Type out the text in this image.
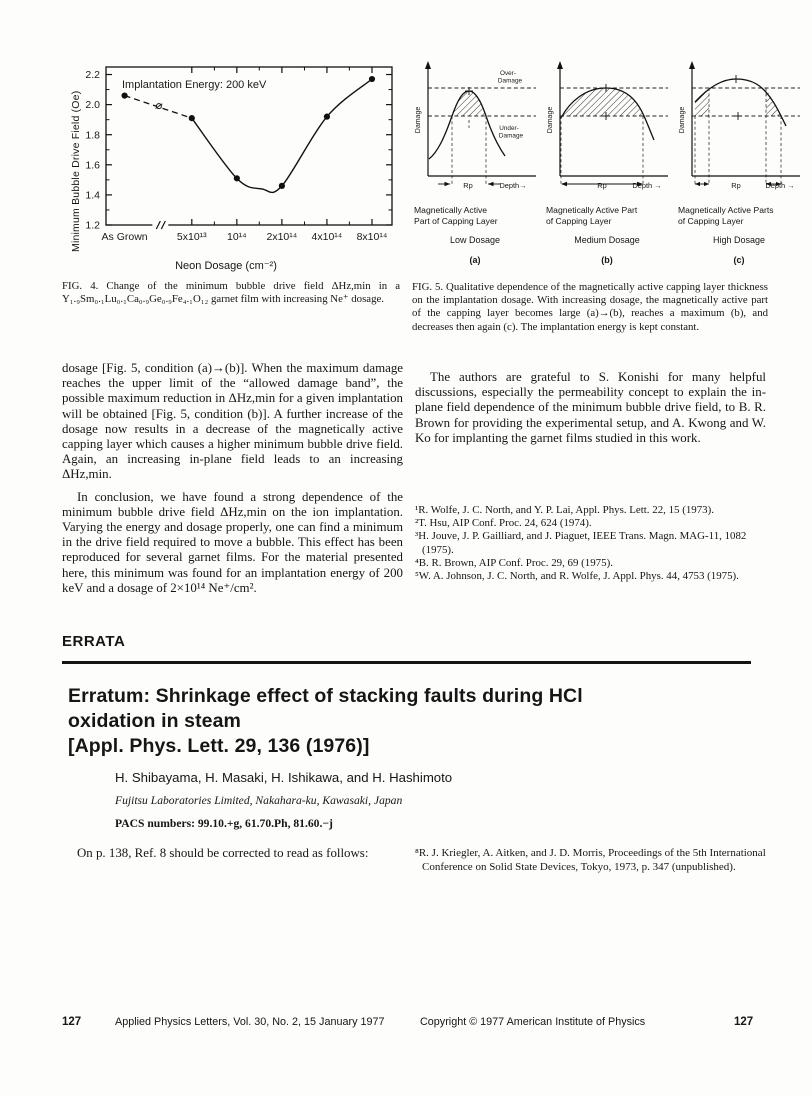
Minimum Bubble Drive Field (Oe) 1.2
1.4
1.6
1.8
2.0
2.2
As Grown	5x10¹³ 10¹⁴ 2x10¹⁴ 4x10¹⁴ 8x10¹⁴
Implantation Energy: 200 keV
Neon Dosage (cm⁻²)
FIG. 4. Change of the minimum bubble drive field ΔHz,min in a Y₁.₉Sm₀.₁Lu₀.₁Ca₀.₉Ge₀.₉Fe₄.₁O₁₂ garnet film with increasing Ne⁺ dosage.
Damage
Over-
Damage
Under-
Damage
Rp	Depth→
Magnetically Active
Part of Capping Layer
Low Dosage
(a)
Damage
Rp	Depth →
Magnetically Active Part
of Capping Layer
Medium Dosage
(b)
Damage
Rp	Depth →
Magnetically Active Parts
of Capping Layer
High Dosage
(c)
FIG. 5. Qualitative dependence of the magnetically active capping layer thickness on the implantation dosage. With increasing dosage, the magnetically active part of the capping layer becomes large (a)→(b), reaches a maximum (b), and decreases then again (c). The implantation energy is kept constant.

dosage [Fig. 5, condition (a)→(b)]. When the maximum damage reaches the upper limit of the “allowed damage band”, the possible maximum reduction in ΔHz,min for a given implantation will be obtained [Fig. 5, condition (b)]. A further increase of the dosage now results in a decrease of the magnetically active capping layer which causes a higher minimum bubble drive field. Again, an increasing in-plane field leads to an increasing ΔHz,min.

In conclusion, we have found a strong dependence of the minimum bubble drive field ΔHz,min on the ion implantation. Varying the energy and dosage properly, one can find a minimum in the drive field required to move a bubble. This effect has been reproduced for several garnet films. For the material presented here, this minimum was found for an implantation energy of 200 keV and a dosage of 2×10¹⁴ Ne⁺/cm².

The authors are grateful to S. Konishi for many helpful discussions, especially the permeability concept to explain the in-plane field dependence of the minimum bubble drive field, to B. R. Brown for providing the experimental setup, and A. Kwong and W. Ko for implanting the garnet films studied in this work.

¹R. Wolfe, J. C. North, and Y. P. Lai, Appl. Phys. Lett. 22, 15 (1973).
²T. Hsu, AIP Conf. Proc. 24, 624 (1974).
³H. Jouve, J. P. Gailliard, and J. Piaguet, IEEE Trans. Magn. MAG-11, 1082 (1975).
⁴B. R. Brown, AIP Conf. Proc. 29, 69 (1975).
⁵W. A. Johnson, J. C. North, and R. Wolfe, J. Appl. Phys. 44, 4753 (1975).
ERRATA
Erratum: Shrinkage effect of stacking faults during HCl
oxidation in steam
[Appl. Phys. Lett. 29, 136 (1976)]
H. Shibayama, H. Masaki, H. Ishikawa, and H. Hashimoto
Fujitsu Laboratories Limited, Nakahara-ku, Kawasaki, Japan
PACS numbers: 99.10.+g, 61.70.Ph, 81.60.−j
On p. 138, Ref. 8 should be corrected to read as follows:	⁸R. J. Kriegler, A. Aitken, and J. D. Morris, Proceedings of the 5th International Conference on Solid State Devices, Tokyo, 1973, p. 347 (unpublished).
127	Applied Physics Letters, Vol. 30, No. 2, 15 January 1977	Copyright © 1977 American Institute of Physics	127
